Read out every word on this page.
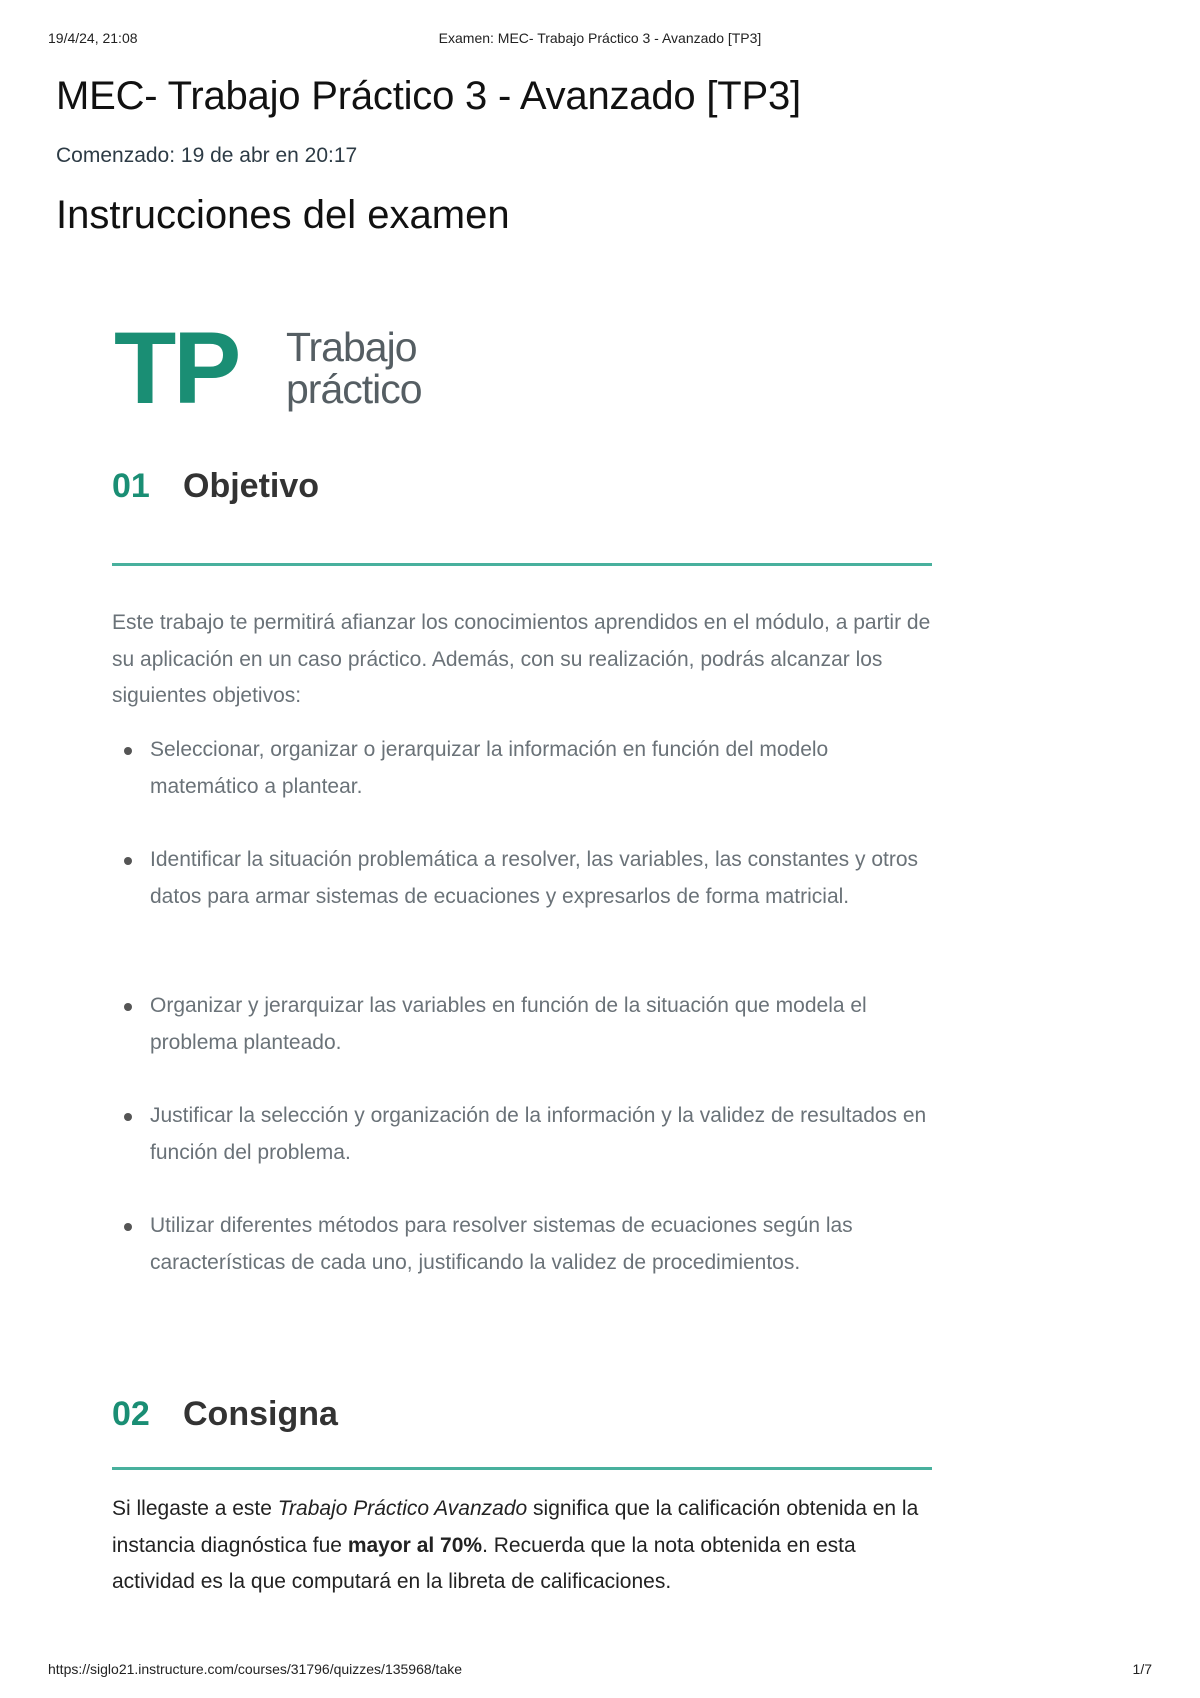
19/4/24, 21:08	Examen: MEC- Trabajo Práctico 3 - Avanzado [TP3]
MEC- Trabajo Práctico 3 - Avanzado [TP3]
Comenzado: 19 de abr en 20:17
Instrucciones del examen
TP Trabajo
práctico
01 Objetivo
Este trabajo te permitirá afianzar los conocimientos aprendidos en el módulo, a partir de su aplicación en un caso práctico. Además, con su realización, podrás alcanzar los siguientes objetivos:
Seleccionar, organizar o jerarquizar la información en función del modelo matemático a plantear.
Identificar la situación problemática a resolver, las variables, las constantes y otros datos para armar sistemas de ecuaciones y expresarlos de forma matricial.
Organizar y jerarquizar las variables en función de la situación que modela el problema planteado.
Justificar la selección y organización de la información y la validez de resultados en función del problema.
Utilizar diferentes métodos para resolver sistemas de ecuaciones según las características de cada uno, justificando la validez de procedimientos.
02 Consigna
Si llegaste a este Trabajo Práctico Avanzado significa que la calificación obtenida en la instancia diagnóstica fue mayor al 70%. Recuerda que la nota obtenida en esta actividad es la que computará en la libreta de calificaciones.
https://siglo21.instructure.com/courses/31796/quizzes/135968/take	1/7
